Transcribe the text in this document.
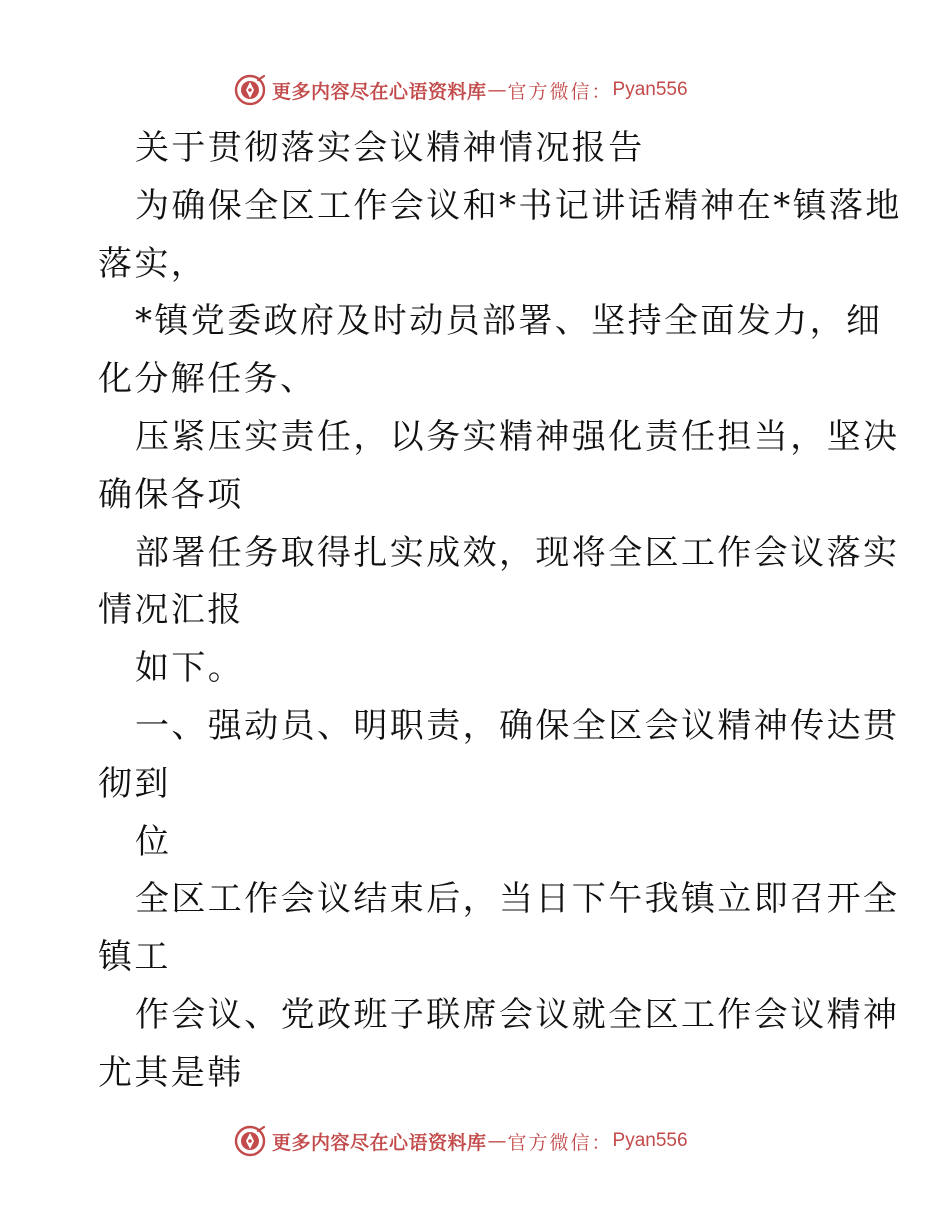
更多内容尽在心语资料库 — 官方微信： Pyan556
关于贯彻落实会议精神情况报告
为确保全区工作会议和*书记讲话精神在*镇落地
落实，
*镇党委政府及时动员部署、坚持全面发力，细
化分解任务、
压紧压实责任，以务实精神强化责任担当，坚决
确保各项
部署任务取得扎实成效，现将全区工作会议落实
情况汇报
如下。
一、强动员、明职责，确保全区会议精神传达贯
彻到
位
全区工作会议结束后，当日下午我镇立即召开全
镇工
作会议、党政班子联席会议就全区工作会议精神
尤其是韩
更多内容尽在心语资料库 — 官方微信： Pyan556
